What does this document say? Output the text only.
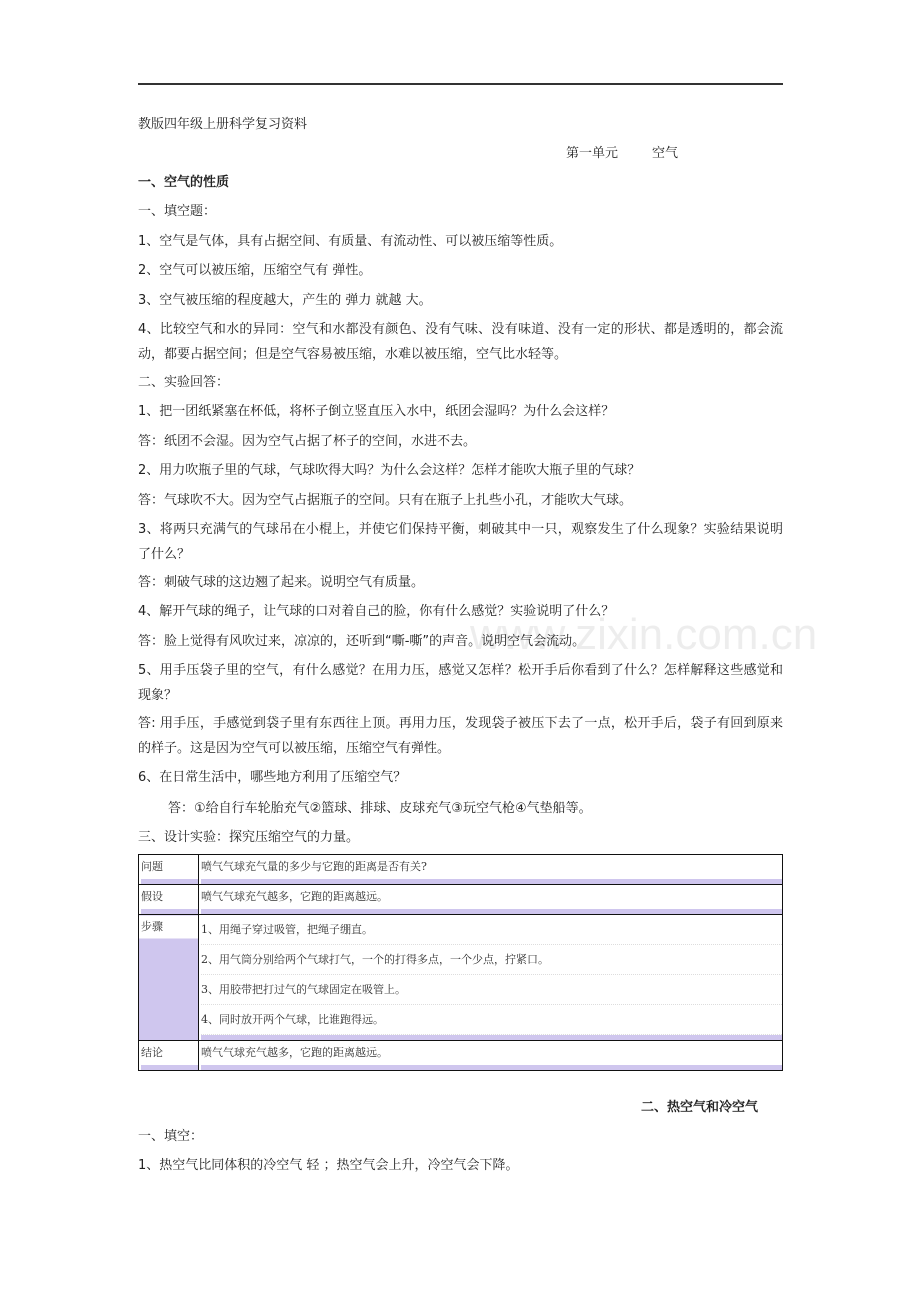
教版四年级上册科学复习资料
第一单元	空气
一、空气的性质
一、填空题：
1、空气是气体，具有占据空间、有质量、有流动性、可以被压缩等性质。
2、空气可以被压缩，压缩空气有 弹性。
3、空气被压缩的程度越大，产生的 弹力 就越 大。
4、比较空气和水的异同：空气和水都没有颜色、没有气味、没有味道、没有一定的形状、都是透明的，都会流动，都要占据空间；但是空气容易被压缩，水难以被压缩，空气比水轻等。
二、实验回答：
1、把一团纸紧塞在杯低，将杯子倒立竖直压入水中，纸团会湿吗？为什么会这样？
答：纸团不会湿。因为空气占据了杯子的空间，水进不去。
2、用力吹瓶子里的气球，气球吹得大吗？为什么会这样？怎样才能吹大瓶子里的气球？
答：气球吹不大。因为空气占据瓶子的空间。只有在瓶子上扎些小孔，才能吹大气球。
3、将两只充满气的气球吊在小棍上，并使它们保持平衡，刺破其中一只，观察发生了什么现象？实验结果说明了什么？
答：刺破气球的这边翘了起来。说明空气有质量。
4、解开气球的绳子，让气球的口对着自己的脸，你有什么感觉？实验说明了什么？
答：脸上觉得有风吹过来，凉凉的，还听到“嘶-嘶”的声音。说明空气会流动。
5、用手压袋子里的空气，有什么感觉？在用力压，感觉又怎样？松开手后你看到了什么？怎样解释这些感觉和现象？
答: 用手压，手感觉到袋子里有东西往上顶。再用力压，发现袋子被压下去了一点，松开手后，袋子有回到原来的样子。这是因为空气可以被压缩，压缩空气有弹性。
6、在日常生活中，哪些地方利用了压缩空气？
答：①给自行车轮胎充气②篮球、排球、皮球充气③玩空气枪④气垫船等。
三、设计实验：探究压缩空气的力量。
问题	喷气气球充气量的多少与它跑的距离是否有关?

假设	喷气气球充气越多，它跑的距离越远。

步骤	1、用绳子穿过吸管，把绳子绷直。
2、用气筒分别给两个气球打气，一个的打得多点，一个少点，拧紧口。
3、用胶带把打过气的气球固定在吸管上。
4、同时放开两个气球，比谁跑得远。

结论	喷气气球充气越多，它跑的距离越远。
二、热空气和冷空气
一、填空：
1、热空气比同体积的冷空气 轻 ；热空气会上升，冷空气会下降。
www.zixin.com.cn
